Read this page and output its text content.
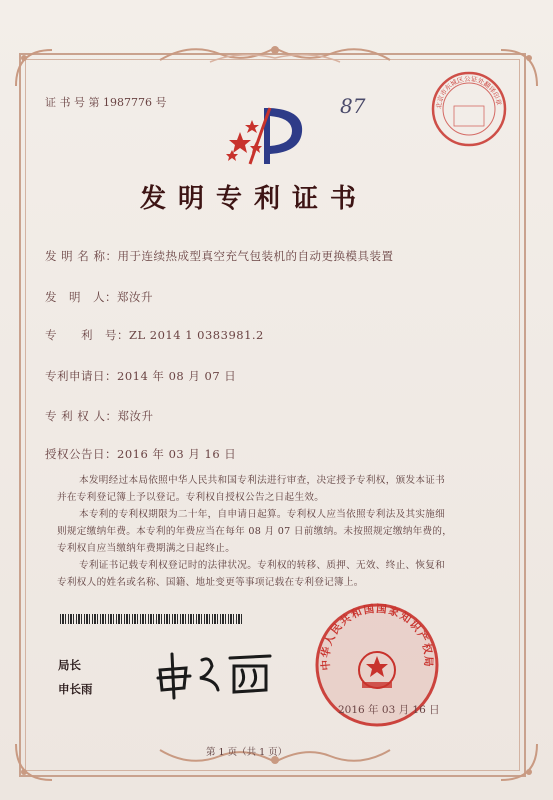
证 书 号 第 1987776 号	87	北京市东城区公证处翻译印章
发明专利证书
发 明 名 称：用于连续热成型真空充气包装机的自动更换模具装置
发　明　人：郑汝升
专　　利　号：ZL 2014 1 0383981.2
专利申请日：2014 年 08 月 07 日
专 利 权 人：郑汝升
授权公告日：2016 年 03 月 16 日
本发明经过本局依照中华人民共和国专利法进行审查，决定授予专利权，颁发本证书
并在专利登记簿上予以登记。专利权自授权公告之日起生效。
本专利的专利权期限为二十年，自申请日起算。专利权人应当依照专利法及其实施细
则规定缴纳年费。本专利的年费应当在每年 08 月 07 日前缴纳。未按照规定缴纳年费的，
专利权自应当缴纳年费期满之日起终止。
专利证书记载专利权登记时的法律状况。专利权的转移、质押、无效、终止、恢复和
专利权人的姓名或名称、国籍、地址变更等事项记载在专利登记簿上。
局长
申长雨
中华人民共和国国家知识产权局
2016 年 03 月 16 日
第 1 页（共 1 页）
